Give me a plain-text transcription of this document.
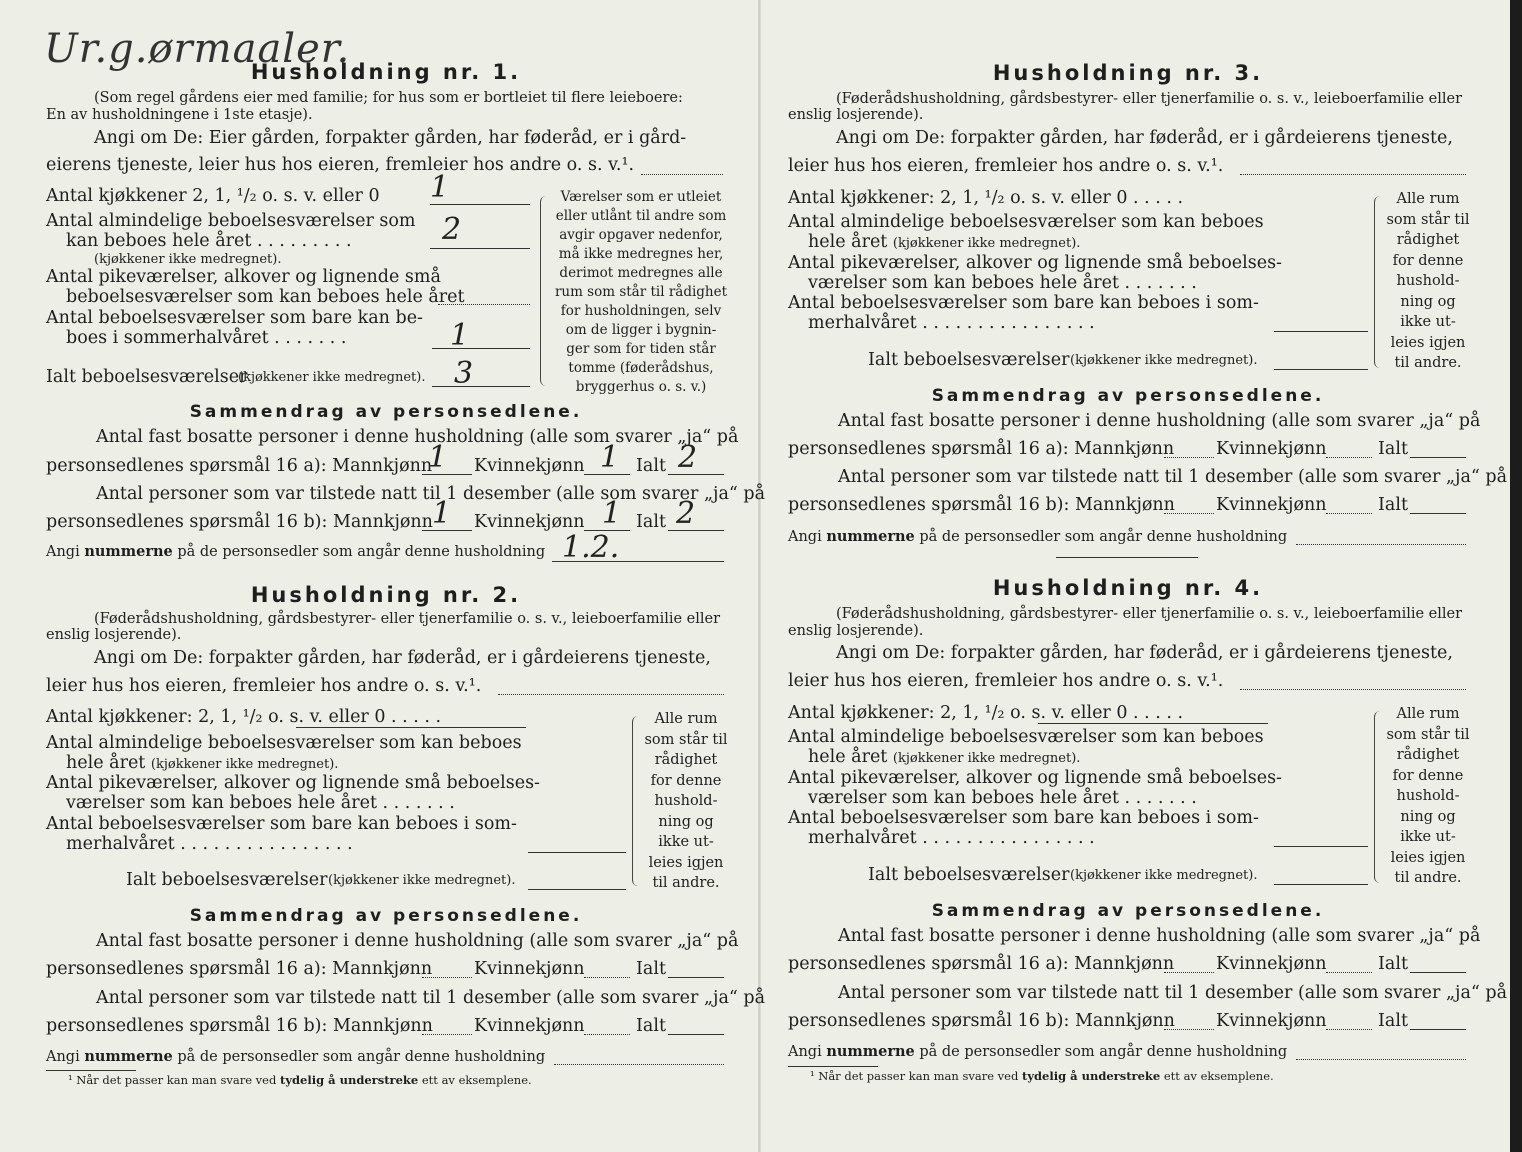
Ur.g.ørmaaler.
Husholdning nr. 1.
(Som regel gårdens eier med familie; for hus som er bortleiet til flere leieboere:
En av husholdningene i 1ste etasje).
Angi om De: Eier gården, forpakter gården, har føderåd, er i gård-
eierens tjeneste, leier hus hos eieren, fremleier hos andre o. s. v.¹.
Antal kjøkkener 2, 1, ¹/₂ o. s. v. eller 0 1
Antal almindelige beboelsesværelser som
kan beboes hele året . . . . . . . . .	2
(kjøkkener ikke medregnet).
Antal pikeværelser, alkover og lignende små
beboelsesværelser som kan beboes hele året
Antal beboelsesværelser som bare kan be-
boes i sommerhalvåret . . . . . . .	1
Ialt beboelsesværelser
(kjøkkener ikke medregnet). 3
Værelser som er utleiet
eller utlånt til andre som
avgir opgaver nedenfor,
må ikke medregnes her,
derimot medregnes alle
rum som står til rådighet
for husholdningen, selv
om de ligger i bygnin-
ger som for tiden står
tomme (føderådshus,
bryggerhus o. s. v.)
Sammendrag av personsedlene.
Antal fast bosatte personer i denne husholdning (alle som svarer „ja“ på
personsedlenes spørsmål 16 a): Mannkjønn
1 Kvinnekjønn 1 Ialt 2
Antal personer som var tilstede natt til 1 desember (alle som svarer „ja“ på
personsedlenes spørsmål 16 b): Mannkjønn 1 Kvinnekjønn 1 Ialt 2
Angi nummerne på de personsedler som angår denne husholdning 1.2.
Husholdning nr. 2.
(Føderådshusholdning, gårdsbestyrer- eller tjenerfamilie o. s. v., leieboerfamilie eller
enslig losjerende).
Angi om De: forpakter gården, har føderåd, er i gårdeierens tjeneste,
leier hus hos eieren, fremleier hos andre o. s. v.¹.
Antal kjøkkener: 2, 1, ¹/₂ o. s. v. eller 0 . . . . .
Antal almindelige beboelsesværelser som kan beboes
hele året (kjøkkener ikke medregnet).
Antal pikeværelser, alkover og lignende små beboelses-
værelser som kan beboes hele året . . . . . . .
Antal beboelsesværelser som bare kan beboes i som-
merhalvåret . . . . . . . . . . . . . . . .
Ialt beboelsesværelser (kjøkkener ikke medregnet).
Alle rum
som står til
rådighet
for denne
hushold-
ning og
ikke ut-
leies igjen
til andre.
Sammendrag av personsedlene.
Antal fast bosatte personer i denne husholdning (alle som svarer „ja“ på
personsedlenes spørsmål 16 a): Mannkjønn Kvinnekjønn	Ialt
Antal personer som var tilstede natt til 1 desember (alle som svarer „ja“ på
personsedlenes spørsmål 16 b): Mannkjønn Kvinnekjønn	Ialt
Angi nummerne på de personsedler som angår denne husholdning
¹ Når det passer kan man svare ved tydelig å understreke ett av eksemplene.
Husholdning nr. 3.
(Føderådshusholdning, gårdsbestyrer- eller tjenerfamilie o. s. v., leieboerfamilie eller
enslig losjerende).
Angi om De: forpakter gården, har føderåd, er i gårdeierens tjeneste,
leier hus hos eieren, fremleier hos andre o. s. v.¹.
Antal kjøkkener: 2, 1, ¹/₂ o. s. v. eller 0 . . . . .
Antal almindelige beboelsesværelser som kan beboes
hele året (kjøkkener ikke medregnet).
Antal pikeværelser, alkover og lignende små beboelses-
værelser som kan beboes hele året . . . . . . .
Antal beboelsesværelser som bare kan beboes i som-
merhalvåret . . . . . . . . . . . . . . . .
Ialt beboelsesværelser (kjøkkener ikke medregnet).
Alle rum
som står til
rådighet
for denne
hushold-
ning og
ikke ut-
leies igjen
til andre.
Sammendrag av personsedlene.
Antal fast bosatte personer i denne husholdning (alle som svarer „ja“ på
personsedlenes spørsmål 16 a): Mannkjønn Kvinnekjønn	Ialt
Antal personer som var tilstede natt til 1 desember (alle som svarer „ja“ på
personsedlenes spørsmål 16 b): Mannkjønn Kvinnekjønn	Ialt
Angi nummerne på de personsedler som angår denne husholdning
Husholdning nr. 4.
(Føderådshusholdning, gårdsbestyrer- eller tjenerfamilie o. s. v., leieboerfamilie eller
enslig losjerende).
Angi om De: forpakter gården, har føderåd, er i gårdeierens tjeneste,
leier hus hos eieren, fremleier hos andre o. s. v.¹.
Antal kjøkkener: 2, 1, ¹/₂ o. s. v. eller 0 . . . . .
Antal almindelige beboelsesværelser som kan beboes
hele året (kjøkkener ikke medregnet).
Antal pikeværelser, alkover og lignende små beboelses-
værelser som kan beboes hele året . . . . . . .
Antal beboelsesværelser som bare kan beboes i som-
merhalvåret . . . . . . . . . . . . . . . .
Ialt beboelsesværelser (kjøkkener ikke medregnet).
Alle rum
som står til
rådighet
for denne
hushold-
ning og
ikke ut-
leies igjen
til andre.
Sammendrag av personsedlene.
Antal fast bosatte personer i denne husholdning (alle som svarer „ja“ på
personsedlenes spørsmål 16 a): Mannkjønn Kvinnekjønn	Ialt
Antal personer som var tilstede natt til 1 desember (alle som svarer „ja“ på
personsedlenes spørsmål 16 b): Mannkjønn Kvinnekjønn	Ialt
Angi nummerne på de personsedler som angår denne husholdning
¹ Når det passer kan man svare ved tydelig å understreke ett av eksemplene.
